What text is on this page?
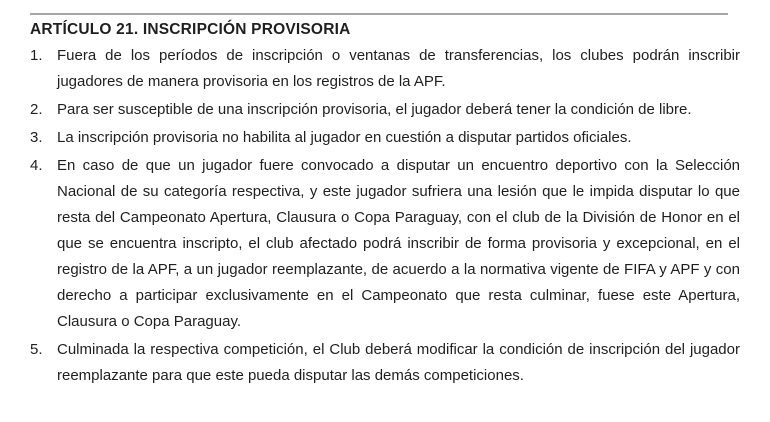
ARTÍCULO 21. INSCRIPCIÓN PROVISORIA
1. Fuera de los períodos de inscripción o ventanas de transferencias, los clubes podrán inscribir jugadores de manera provisoria en los registros de la APF.

2. Para ser susceptible de una inscripción provisoria, el jugador deberá tener la condición de libre.

3. La inscripción provisoria no habilita al jugador en cuestión a disputar partidos oficiales.

4. En caso de que un jugador fuere convocado a disputar un encuentro deportivo con la Selección Nacional de su categoría respectiva, y este jugador sufriera una lesión que le impida disputar lo que resta del Campeonato Apertura, Clausura o Copa Paraguay, con el club de la División de Honor en el que se encuentra inscripto, el club afectado podrá inscribir de forma provisoria y excepcional, en el registro de la APF, a un jugador reemplazante, de acuerdo a la normativa vigente de FIFA y APF y con derecho a participar exclusivamente en el Campeonato que resta culminar, fuese este Apertura, Clausura o Copa Paraguay.

5. Culminada la respectiva competición, el Club deberá modificar la condición de inscripción del jugador reemplazante para que este pueda disputar las demás competiciones.
